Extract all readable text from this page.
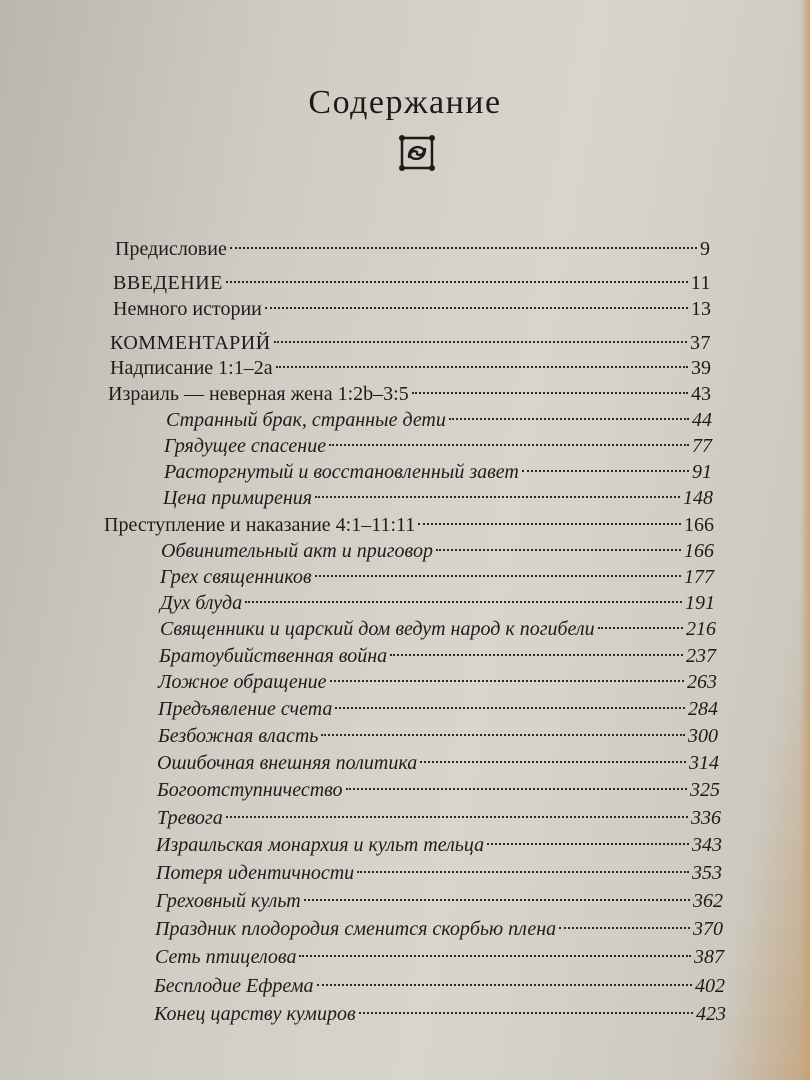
Содержание
Предисловие	9
ВВЕДЕНИЕ	11
Немного истории	13
КОММЕНТАРИЙ	37
Надписание 1:1–2а	39
Израиль — неверная жена 1:2b–3:5	43
Странный брак, странные дети	44
Грядущее спасение	77
Расторгнутый и восстановленный завет	91
Цена примирения	148
Преступление и наказание 4:1–11:11	166
Обвинительный акт и приговор	166
Грех священников	177
Дух блуда	191
Священники и царский дом ведут народ к погибели	216
Братоубийственная война	237
Ложное обращение	263
Предъявление счета	284
Безбожная власть	300
Ошибочная внешняя политика	314
Богоотступничество	325
Тревога	336
Израильская монархия и культ тельца	343
Потеря идентичности	353
Греховный культ	362
Праздник плодородия сменится скорбью плена	370
Сеть птицелова	387
Бесплодие Ефрема	402
Конец царству кумиров	423
